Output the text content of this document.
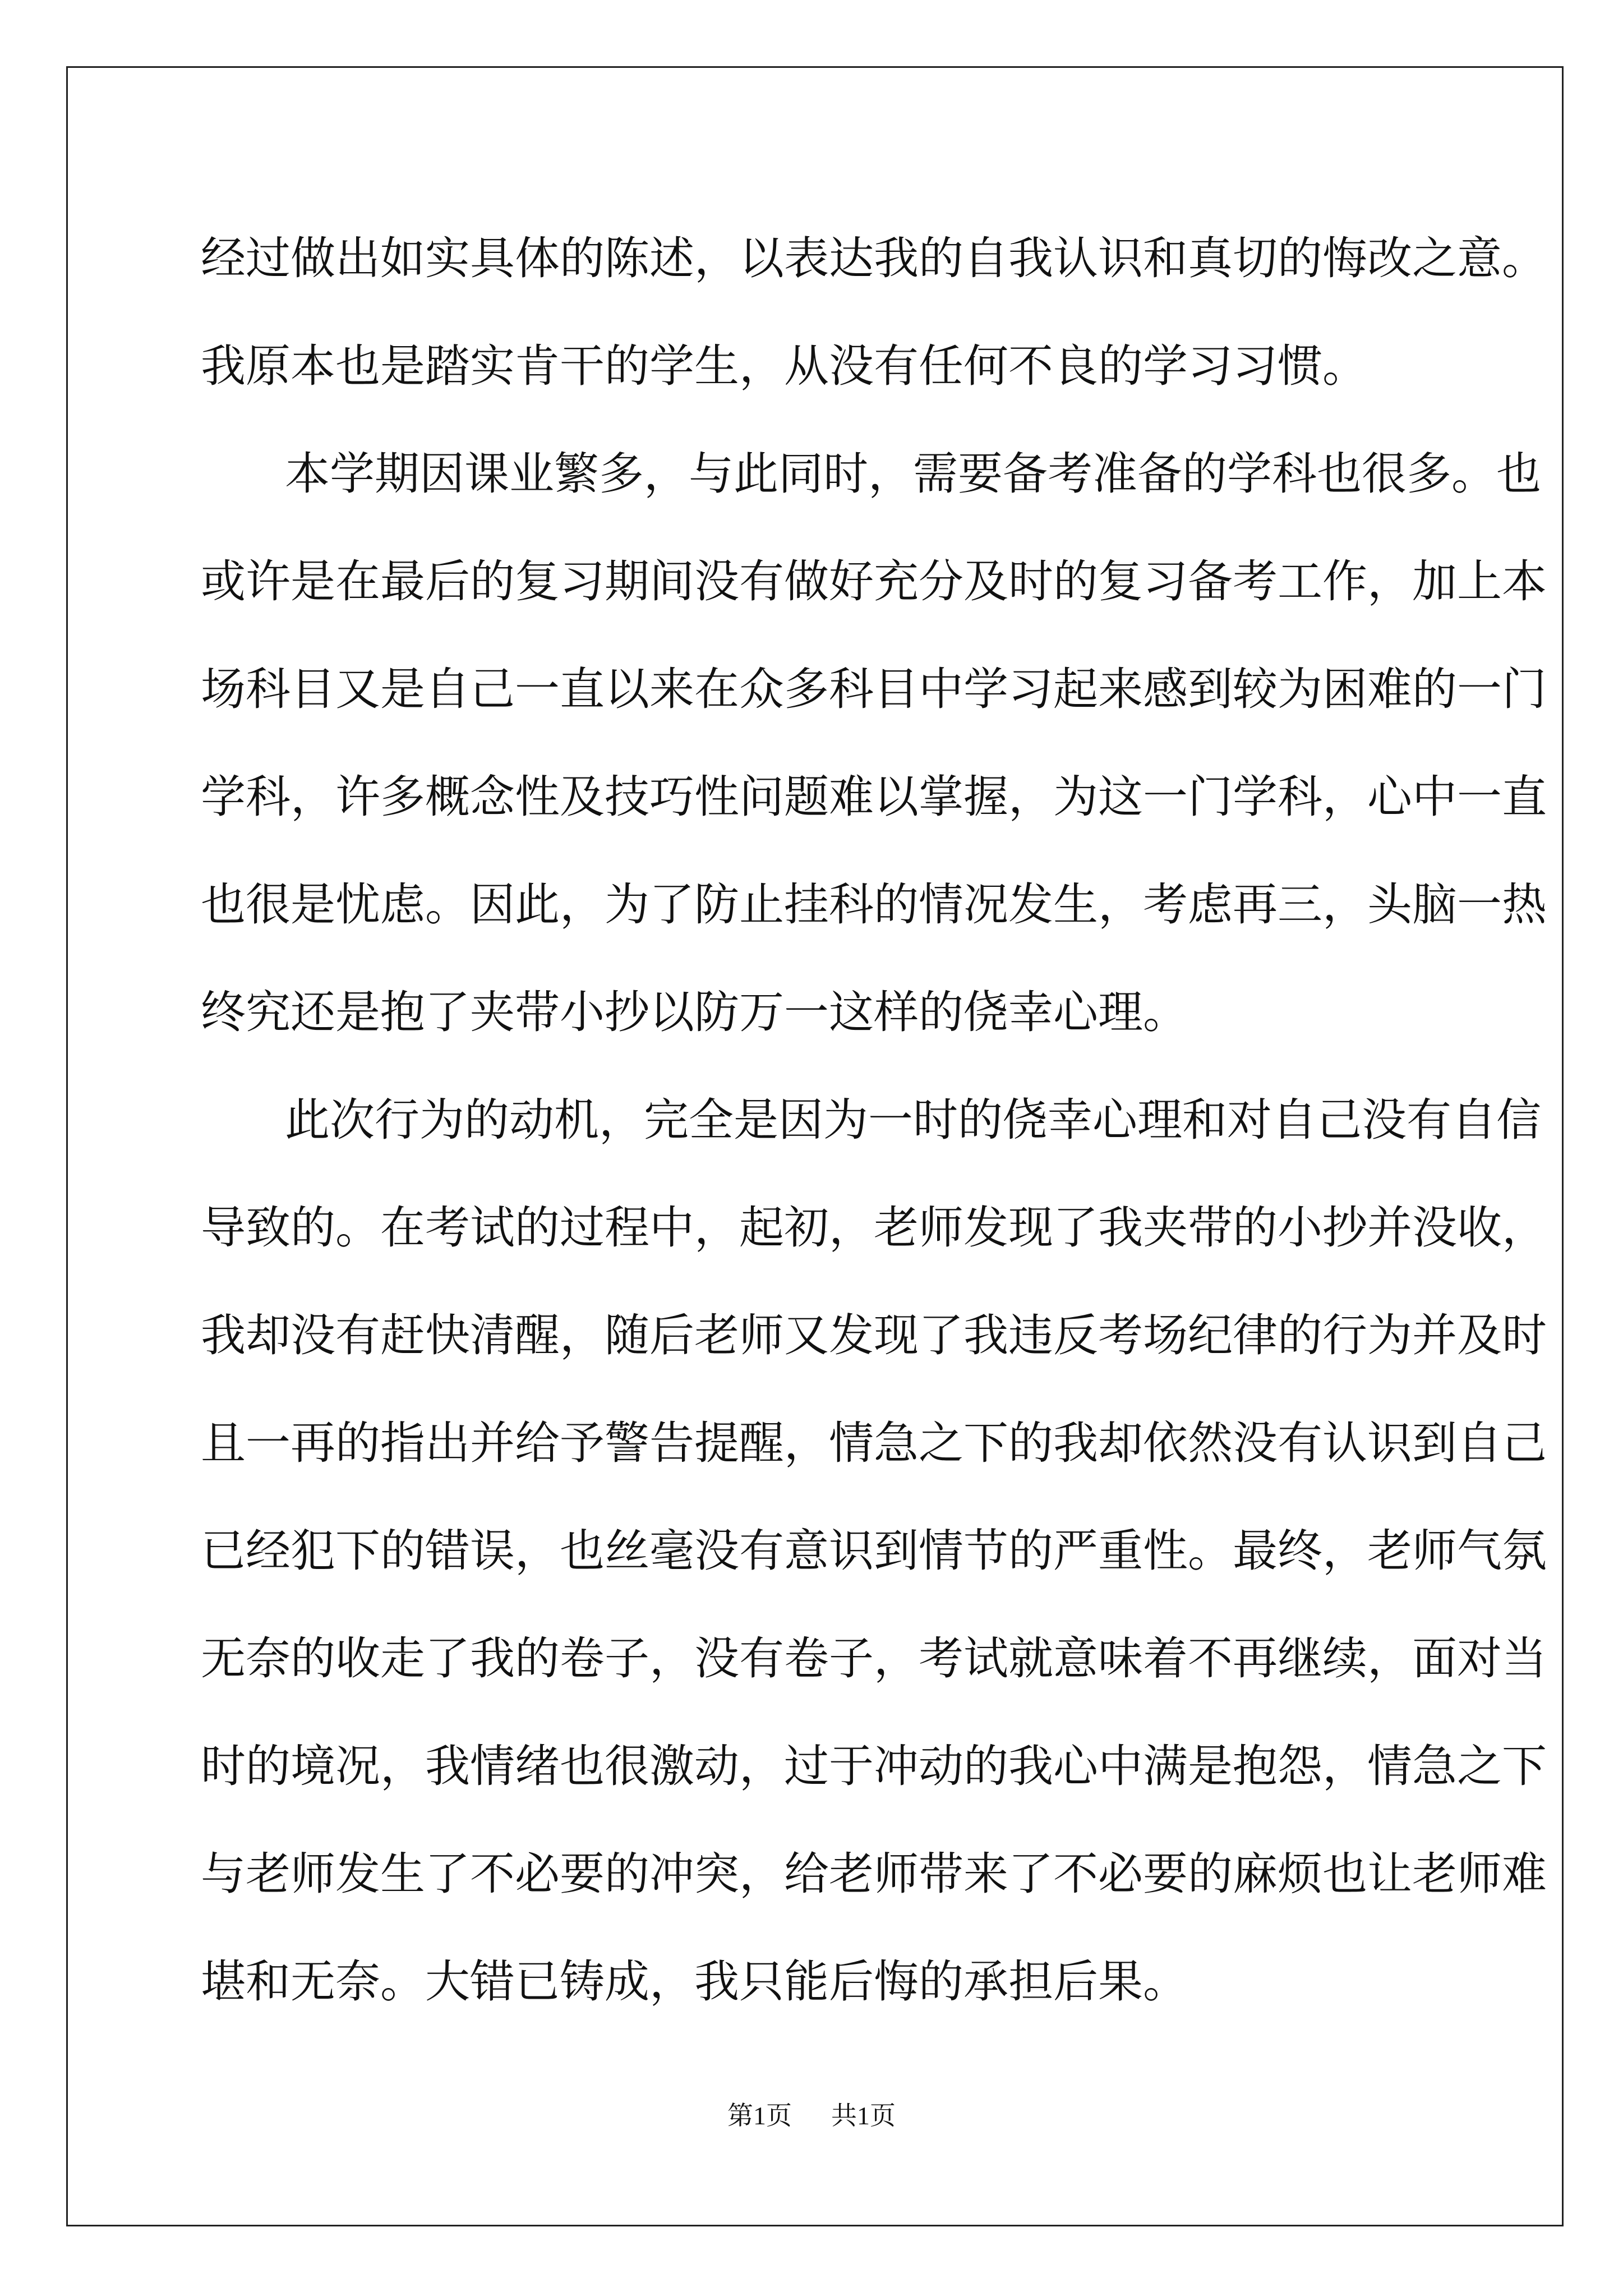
经过做出如实具体的陈述，以表达我的自我认识和真切的悔改之意。
我原本也是踏实肯干的学生，从没有任何不良的学习习惯。
本学期因课业繁多，与此同时，需要备考准备的学科也很多。也
或许是在最后的复习期间没有做好充分及时的复习备考工作，加上本
场科目又是自己一直以来在众多科目中学习起来感到较为困难的一门
学科，许多概念性及技巧性问题难以掌握，为这一门学科，心中一直
也很是忧虑。因此，为了防止挂科的情况发生，考虑再三，头脑一热
终究还是抱了夹带小抄以防万一这样的侥幸心理。
此次行为的动机，完全是因为一时的侥幸心理和对自己没有自信
导致的。在考试的过程中，起初，老师发现了我夹带的小抄并没收，
我却没有赶快清醒，随后老师又发现了我违反考场纪律的行为并及时
且一再的指出并给予警告提醒，情急之下的我却依然没有认识到自己
已经犯下的错误，也丝毫没有意识到情节的严重性。最终，老师气氛
无奈的收走了我的卷子，没有卷子，考试就意味着不再继续，面对当
时的境况，我情绪也很激动，过于冲动的我心中满是抱怨，情急之下
与老师发生了不必要的冲突，给老师带来了不必要的麻烦也让老师难
堪和无奈。大错已铸成，我只能后悔的承担后果。
第1页 共1页
